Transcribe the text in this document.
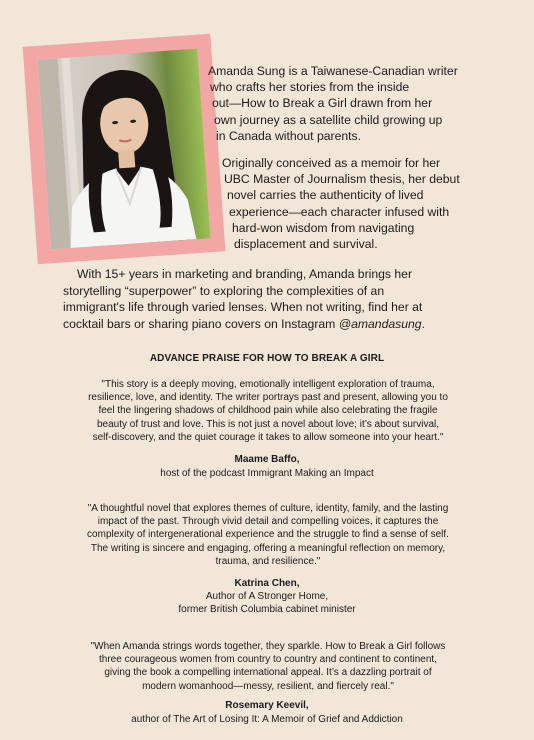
Amanda Sung is a Taiwanese-Canadian writer
who crafts her stories from the inside
out—How to Break a Girl drawn from her
own journey as a satellite child growing up
in Canada without parents.

Originally conceived as a memoir for her
UBC Master of Journalism thesis, her debut
novel carries the authenticity of lived
experience—each character infused with
hard-won wisdom from navigating
displacement and survival.

With 15+ years in marketing and branding, Amanda brings her
storytelling “superpower” to exploring the complexities of an
immigrant's life through varied lenses. When not writing, find her at
cocktail bars or sharing piano covers on Instagram @amandasung.

ADVANCE PRAISE FOR HOW TO BREAK A GIRL

"This story is a deeply moving, emotionally intelligent exploration of trauma,
resilience, love, and identity. The writer portrays past and present, allowing you to
feel the lingering shadows of childhood pain while also celebrating the fragile
beauty of trust and love. This is not just a novel about love; it’s about survival,
self-discovery, and the quiet courage it takes to allow someone into your heart."

Maame Baffo,

host of the podcast Immigrant Making an Impact

"A thoughtful novel that explores themes of culture, identity, family, and the lasting
impact of the past. Through vivid detail and compelling voices, it captures the
complexity of intergenerational experience and the struggle to find a sense of self.
The writing is sincere and engaging, offering a meaningful reflection on memory,
trauma, and resilience."

Katrina Chen,

Author of A Stronger Home,
former British Columbia cabinet minister

"When Amanda strings words together, they sparkle. How to Break a Girl follows
three courageous women from country to country and continent to continent,
giving the book a compelling international appeal. It’s a dazzling portrait of
modern womanhood—messy, resilient, and fiercely real."

Rosemary Keevil,

author of The Art of Losing It: A Memoir of Grief and Addiction
